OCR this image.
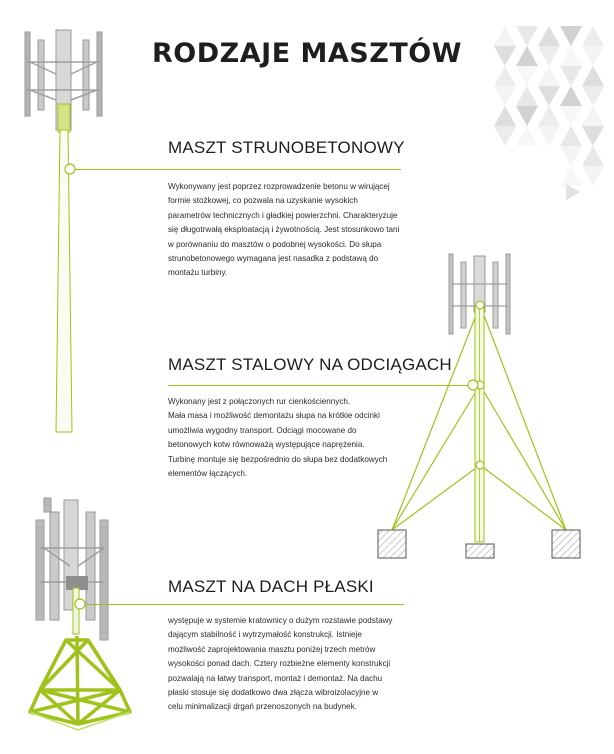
RODZAJE MASZTÓW
MASZT STRUNOBETONOWY
Wykonywany jest poprzez rozprowadzenie betonu w wirującej
formie stożkowej, co pozwala na uzyskanie wysokich
parametrów technicznych i gładkiej powierzchni. Charakteryzuje
się długotrwałą eksploatacją i żywotnością. Jest stosunkowo tani
w porównaniu do masztów o podobnej wysokości. Do słupa
strunobetonowego wymagana jest nasadka z podstawą do
montażu turbiny.
MASZT STALOWY NA ODCIĄGACH
Wykonany jest z połączonych rur cienkościennych.
Mała masa i możliwość demontażu słupa na krótkie odcinki
umożliwia wygodny transport. Odciągi mocowane do
betonowych kotw równoważą występujące naprężenia.
Turbinę montuje się bezpośrednio do słupa bez dodatkowych
elementów łączących.
MASZT NA DACH PŁASKI
występuje w systemie kratownicy o dużym rozstawie podstawy
dającym stabilność i wytrzymałość konstrukcji. Istnieje
możliwość zaprojektowania masztu poniżej trzech metrów
wysokości ponad dach. Cztery rozbieżne elementy konstrukcji
pozwalają na łatwy transport, montaż i demontaż. Na dachu
płaski stosuje się dodatkowo dwa złącza wibroizolacyjne w
celu minimalizacji drgań przenoszonych na budynek.
